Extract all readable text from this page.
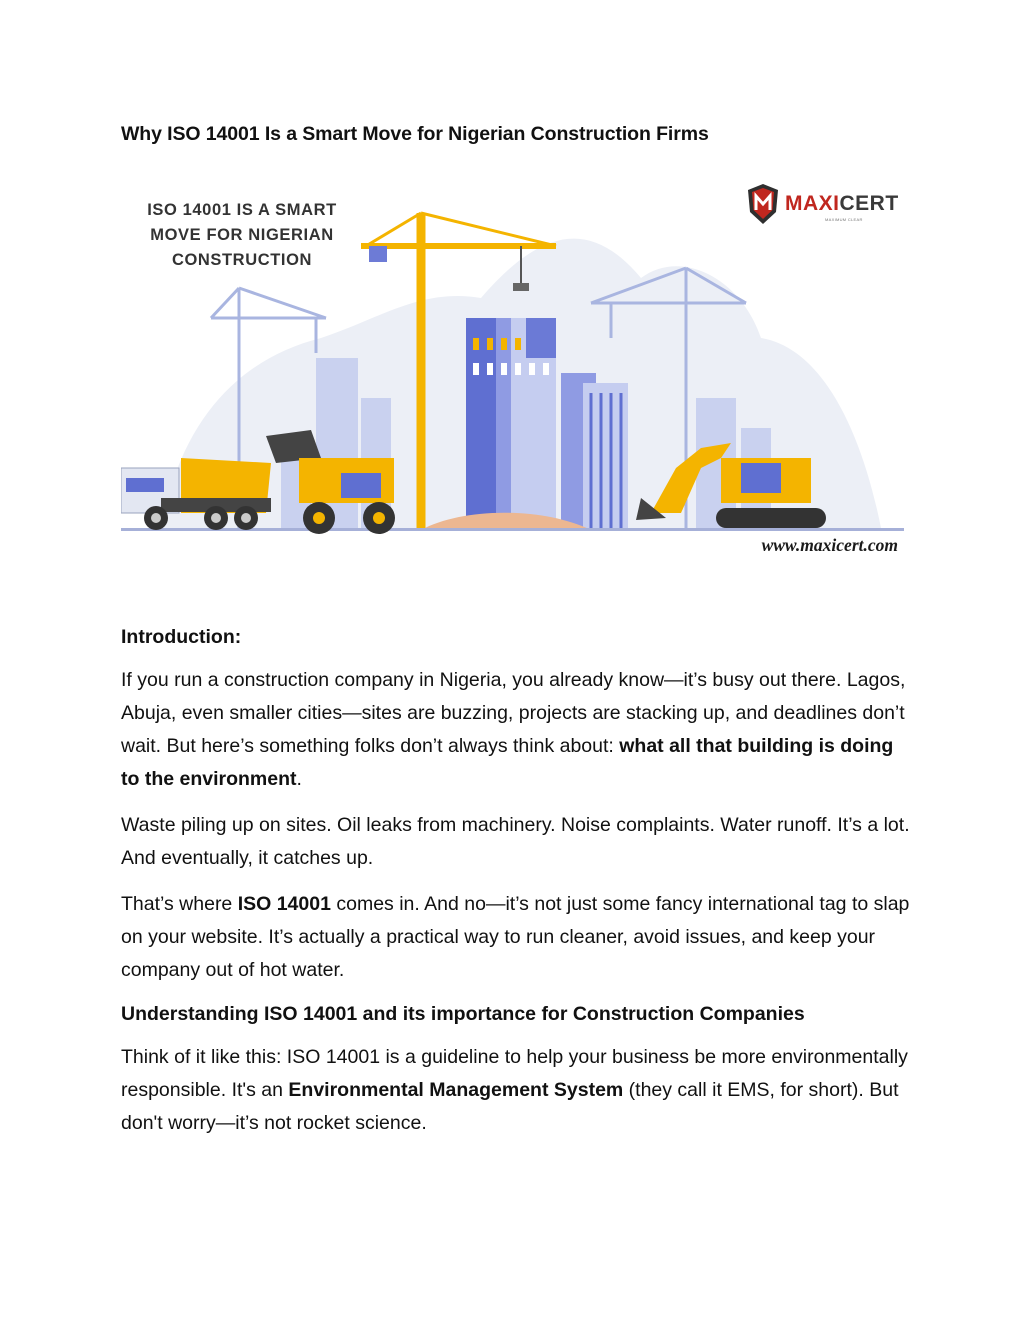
Why ISO 14001 Is a Smart Move for Nigerian Construction Firms
ISO 14001 IS A SMART MOVE FOR NIGERIAN CONSTRUCTION
MAXICERT
MAXIMUM CLEAR
www.maxicert.com
Introduction:

If you run a construction company in Nigeria, you already know—it’s busy out there. Lagos, Abuja, even smaller cities—sites are buzzing, projects are stacking up, and deadlines don’t wait. But here’s something folks don’t always think about: what all that building is doing to the environment.

Waste piling up on sites. Oil leaks from machinery. Noise complaints. Water runoff. It’s a lot. And eventually, it catches up.

That’s where ISO 14001 comes in. And no—it’s not just some fancy international tag to slap on your website. It’s actually a practical way to run cleaner, avoid issues, and keep your company out of hot water.

Understanding ISO 14001 and its importance for Construction Companies

Think of it like this: ISO 14001 is a guideline to help your business be more environmentally responsible. It's an Environmental Management System (they call it EMS, for short). But don't worry—it’s not rocket science.
